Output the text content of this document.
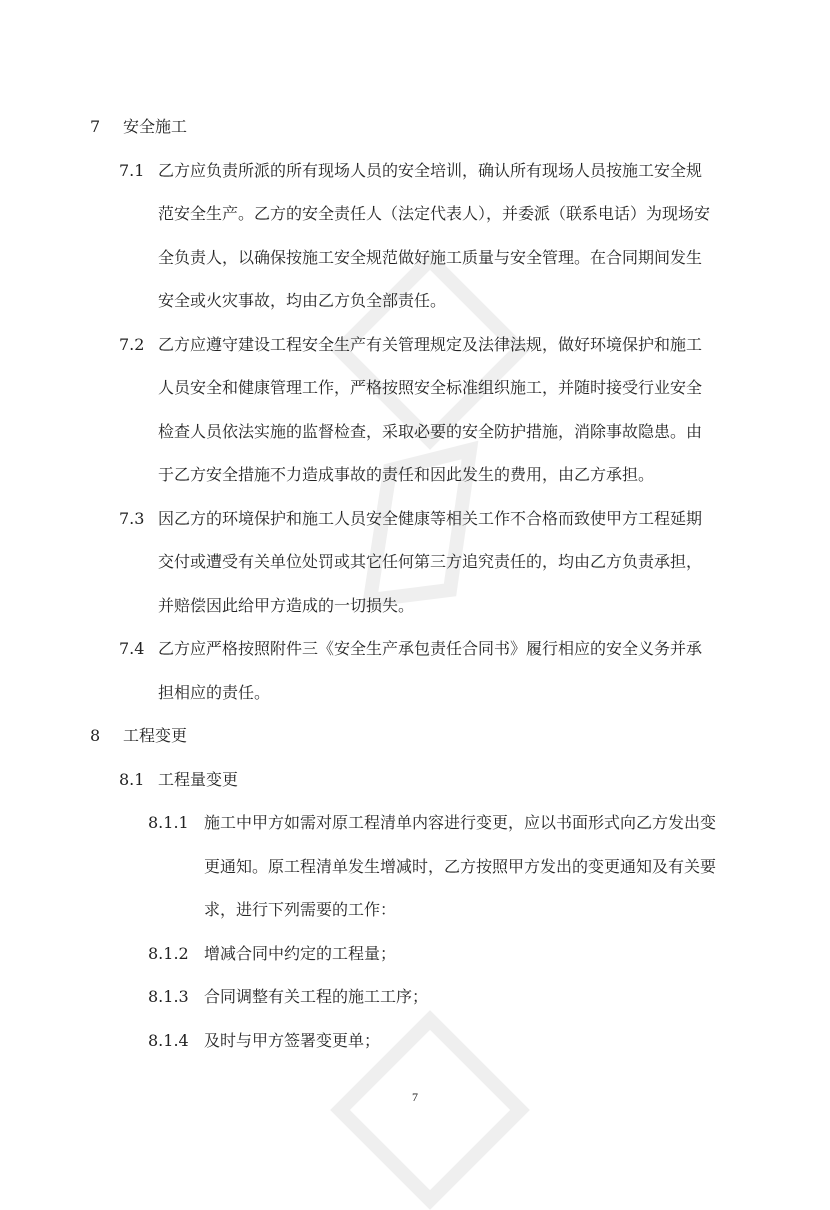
7 安全施工
7.1 乙方应负责所派的所有现场人员的安全培训，确认所有现场人员按施工安全规
范安全生产。乙方的安全责任人（法定代表人），并委派（联系电话）为现场安
全负责人，以确保按施工安全规范做好施工质量与安全管理。在合同期间发生
安全或火灾事故，均由乙方负全部责任。
7.2 乙方应遵守建设工程安全生产有关管理规定及法律法规，做好环境保护和施工
人员安全和健康管理工作，严格按照安全标准组织施工，并随时接受行业安全
检查人员依法实施的监督检查，采取必要的安全防护措施，消除事故隐患。由
于乙方安全措施不力造成事故的责任和因此发生的费用，由乙方承担。
7.3 因乙方的环境保护和施工人员安全健康等相关工作不合格而致使甲方工程延期
交付或遭受有关单位处罚或其它任何第三方追究责任的，均由乙方负责承担，
并赔偿因此给甲方造成的一切损失。
7.4 乙方应严格按照附件三《安全生产承包责任合同书》履行相应的安全义务并承
担相应的责任。
8 工程变更
8.1 工程量变更
8.1.1 施工中甲方如需对原工程清单内容进行变更，应以书面形式向乙方发出变
更通知。原工程清单发生增减时，乙方按照甲方发出的变更通知及有关要
求，进行下列需要的工作：
8.1.2 增减合同中约定的工程量；
8.1.3 合同调整有关工程的施工工序；
8.1.4 及时与甲方签署变更单；
7
